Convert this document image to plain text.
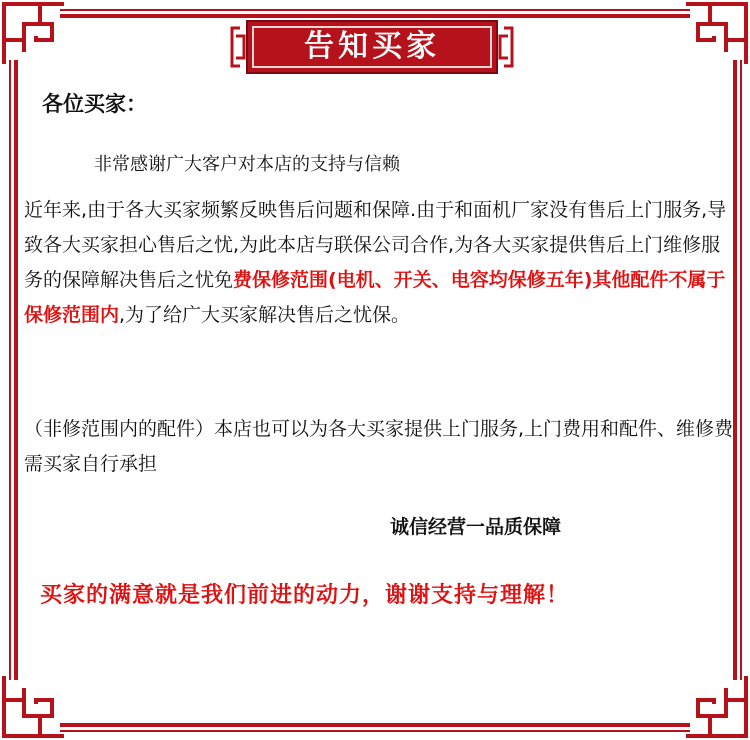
告知买家
各位买家：
非常感谢广大客户对本店的支持与信赖
近年来,由于各大买家频繁反映售后问题和保障.由于和面机厂家没有售后上门服务,导致各大买家担心售后之忧,为此本店与联保公司合作,为各大买家提供售后上门维修服务的保障解决售后之忧免费保修范围(电机、开关、电容均保修五年)其他配件不属于保修范围内,为了给广大买家解决售后之忧保。
（非修范围内的配件）本店也可以为各大买家提供上门服务,上门费用和配件、维修费需买家自行承担
诚信经营一品质保障
买家的满意就是我们前进的动力，谢谢支持与理解！
